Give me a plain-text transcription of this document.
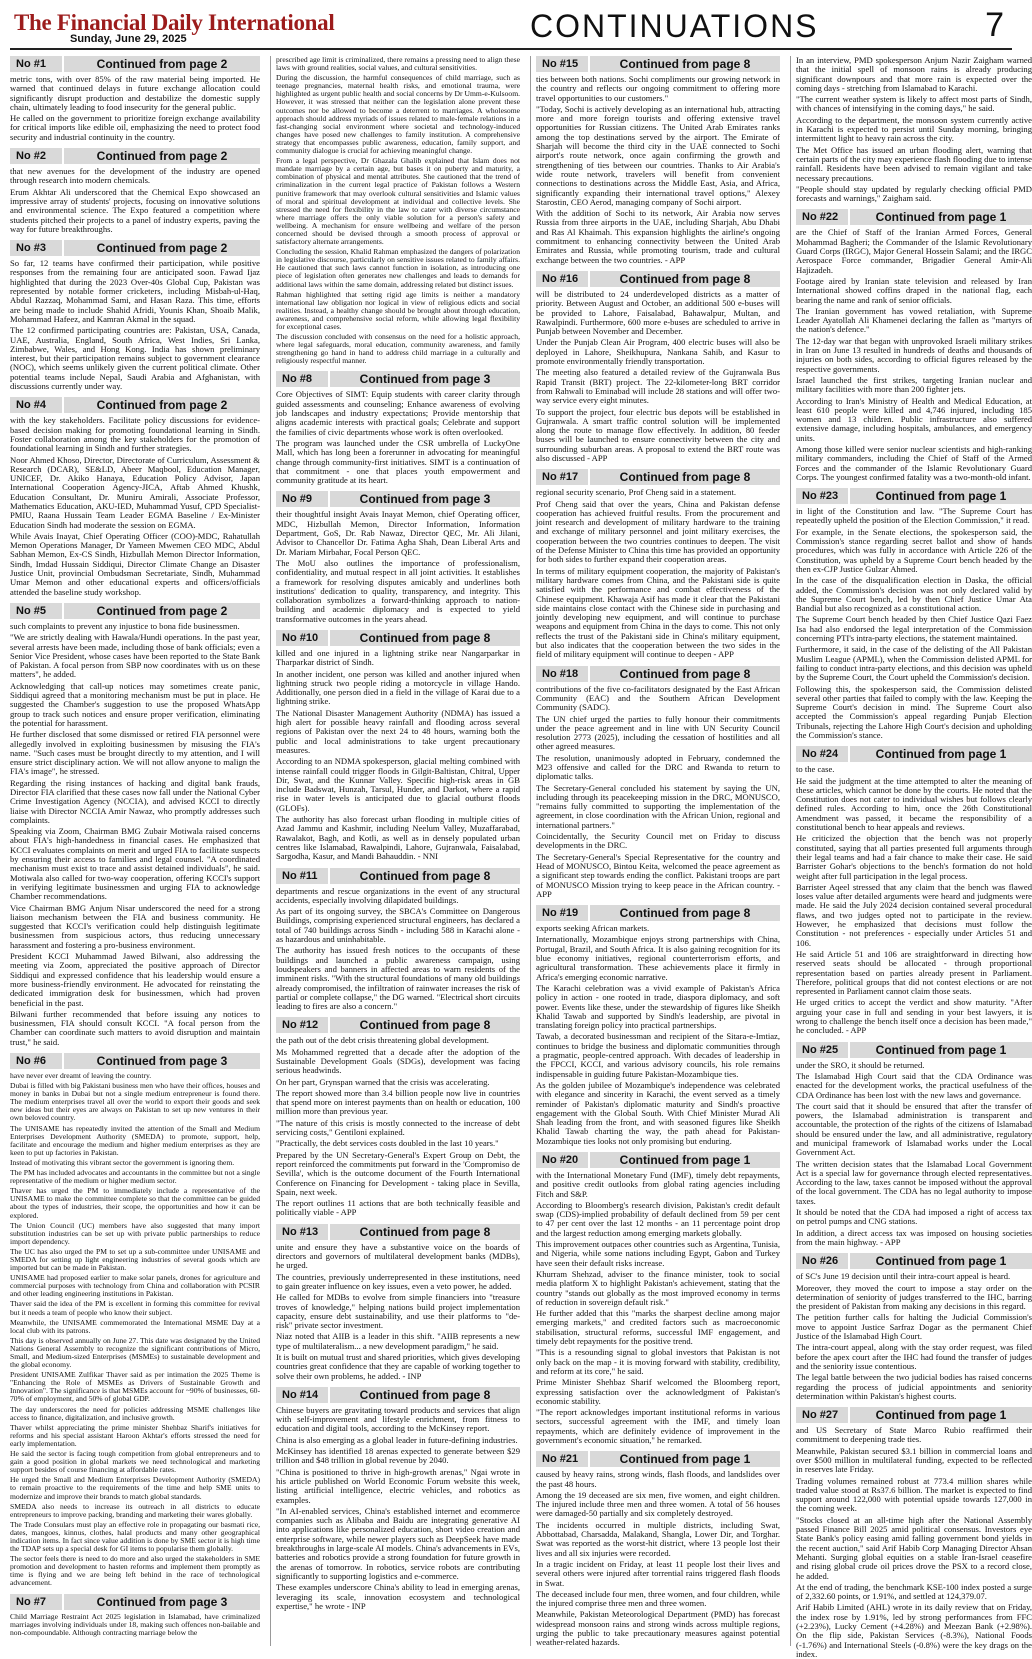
The Financial Daily International
Sunday, June 29, 2025	CONTINUATIONS	7
No #1	Continued from page 2

metric tons, with over 85% of the raw material being imported. He warned that continued delays in future exchange allocation could significantly disrupt production and destabilize the domestic supply chain, ultimately leading to food insecurity for the general public.

He called on the government to prioritize foreign exchange availability for critical imports like edible oil, emphasizing the need to protect food security and industrial continuity in the country.

No #2	Continued from page 2

that new avenues for the development of the industry are opened through research into modern chemicals.

Erum Akhtar Ali underscored that the Chemical Expo showcased an impressive array of students' projects, focusing on innovative solutions and environmental science. The Expo featured a competition where students pitched their projects to a panel of industry experts, paving the way for future breakthroughs.

No #3	Continued from page 2

So far, 12 teams have confirmed their participation, while positive responses from the remaining four are anticipated soon. Fawad Ijaz highlighted that during the 2023 Over-40s Global Cup, Pakistan was represented by notable former cricketers, including Misbah-ul-Haq, Abdul Razzaq, Mohammad Sami, and Hasan Raza. This time, efforts are being made to include Shahid Afridi, Younis Khan, Shoaib Malik, Mohammad Hafeez, and Kamran Akmal in the squad.

The 12 confirmed participating countries are: Pakistan, USA, Canada, UAE, Australia, England, South Africa, West Indies, Sri Lanka, Zimbabwe, Wales, and Hong Kong. India has shown preliminary interest, but their participation remains subject to government clearance (NOC), which seems unlikely given the current political climate. Other potential teams include Nepal, Saudi Arabia and Afghanistan, with discussions currently under way.

No #4	Continued from page 2

with the key stakeholders. Facilitate policy discussions for evidence-based decision making for promoting foundational learning in Sindh. Foster collaboration among the key stakeholders for the promotion of foundational learning in Sindh and further strategies.

Noor Ahmed Khoso, Director, Directorate of Curriculum, Assessment & Research (DCAR), SE&LD, Abeer Maqbool, Education Manager, UNICEF, Dr. Akiko Hanaya, Education Policy Advisor, Japan International Cooperation Agency-JICA, Aftab Ahmed Khushk, Education Consultant, Dr. Muniru Amirali, Associate Professor, Mathematics Education, AKU-IED, Muhammad Yusuf, CPD Specialist-PMIU, Raana Hussain Team Leader EGMA Baseline / Ex-Minister Education Sindh had moderate the session on EGMA.

While Avais Inayat, Chief Operating Officer (COO)-MDC, Rahatullah Memon Operations Manager, Dr Yameen Mwemen CEO MDC, Abdul Sabhan Memon, Ex-CS Sindh, Hizbullah Memon Director Information, Sindh, Imdad Hussain Siddiqui, Director Climate Change an Disaster Justice Unit, provincial Ombudsman Secretariate, Sindh, Muhammad Umar Memon and other educational experts and officers/officials attended the baseline study workshop.

No #5	Continued from page 2

such complaints to prevent any injustice to bona fide businessmen.

"We are strictly dealing with Hawala/Hundi operations. In the past year, several arrests have been made, including those of bank officials; even a Senior Vice President, whose cases have been reported to the State Bank of Pakistan. A focal person from SBP now coordinates with us on these matters", he added.

Acknowledging that call-up notices may sometimes create panic, Siddiqui agreed that a monitoring mechanism must be put in place. He suggested the Chamber's suggestion to use the proposed WhatsApp group to track such notices and ensure proper verification, eliminating the potential for harassment.

He further disclosed that some dismissed or retired FIA personnel were allegedly involved in exploiting businessmen by misusing the FIA's name. "Such cases must be brought directly to my attention, and I will ensure strict disciplinary action. We will not allow anyone to malign the FIA's image", he stressed.

Regarding the rising instances of hacking and digital bank frauds, Director FIA clarified that these cases now fall under the National Cyber Crime Investigation Agency (NCCIA), and advised KCCI to directly liaise with Director NCCIA Amir Nawaz, who promptly addresses such complaints.

Speaking via Zoom, Chairman BMG Zubair Motiwala raised concerns about FIA's high-handedness in financial cases. He emphasized that KCCI evaluates complaints on merit and urged FIA to facilitate suspects by ensuring their access to families and legal counsel. "A coordinated mechanism must exist to trace and assist detained individuals", he said. Motiwala also called for two-way cooperation, offering KCCI's support in verifying legitimate businessmen and urging FIA to acknowledge Chamber recommendations.

Vice Chairman BMG Anjum Nisar underscored the need for a strong liaison mechanism between the FIA and business community. He suggested that KCCI's verification could help distinguish legitimate businessmen from suspicious actors, thus reducing unnecessary harassment and fostering a pro-business environment.

President KCCI Muhammad Jawed Bilwani, also addressing the meeting via Zoom, appreciated the positive approach of Director Siddiqui and expressed confidence that his leadership would ensure a more business-friendly environment. He advocated for reinstating the dedicated immigration desk for businessmen, which had proven beneficial in the past.

Bilwani further recommended that before issuing any notices to businessmen, FIA should consult KCCI. "A focal person from the Chamber can coordinate such matters to avoid disruption and maintain trust," he said.

No #6	Continued from page 3

have never ever dreamt of leaving the country.

Dubai is filled with big Pakistani business men who have their offices, houses and money in banks in Dubai but not a single medium entrepreneur is found there. The medium enterprises travel all over the world to export their goods and seek new ideas but their eyes are always on Pakistan to set up new ventures in their own beloved country.

The UNISAME has repeatedly invited the attention of the Small and Medium Enterprises Development Authority (SMEDA) to promote, support, help, facilitate and encourage the medium and higher medium enterprises as they are keen to put up factories in Pakistan.

Instead of motivating this vibrant sector the government is ignoring them.

The PM has included advocates and accountants in the committee but not a single representative of the medium or higher medium sector.

Thaver has urged the PM to immediately include a representative of the UNISAME to make the committee complete so that the committee can be guided about the types of industries, their scope, the opportunities and how it can be explored.

The Union Council (UC) members have also suggested that many import substitution industries can be set up with private public partnerships to reduce import dependency.

The UC has also urged the PM to set up a sub-committee under UNISAME and SMEDA for setting up light engineering industries of several goods which are imported but can be made in Pakistan.

UNISAME had proposed earlier to make solar panels, drones for agriculture and commercial purposes with technology from China and collaboration with PCSIR and other leading engineering institutions in Pakistan.

Thaver said the idea of the PM is excellent in forming this committee for revival but it needs a team of people who know their subject.

Meanwhile, the UNISAME commemorated the International MSME Day at a local club with its patrons.

This day is observed annually on June 27. This date was designated by the United Nations General Assembly to recognize the significant contributions of Micro, Small, and Medium-sized Enterprises (MSMEs) to sustainable development and the global economy.

President UNISAME Zulfikar Thaver said as per intimation the 2025 Theme is "Enhancing the Role of MSMEs as Drivers of Sustainable Growth and Innovation". The significance is that MSMEs account for ~90% of businesses, 60-70% of employment, and 50% of global GDP.

The day underscores the need for policies addressing MSME challenges like access to finance, digitalization, and inclusive growth.

Thaver whilst appreciating the prime minister Shehbaz Sharif's initiatives for reforms and his special assistant Haroon Akhtar's efforts stressed the need for early implementation.

He said the sector is facing tough competition from global entrepreneurs and to gain a good position in global markets we need technological and marketing support besides of course financing at affordable rates.

He urged the Small and Medium Enterprises Development Authority (SMEDA) to remain proactive to the requirements of the time and help SME units to modernize and improve their brands to match global standards.

SMEDA also needs to increase its outreach in all districts to educate entrepreneurs to improve packing, branding and marketing their wares globally.

The Trade Consulars must play an effective role in propagating our basmati rice, dates, mangoes, kinnus, clothes, halal products and many other geographical indication items. In fact since value addition is done by SME sector it is high time the TDAP sets up a special desk for GI items to popularise them globally.

The sector feels there is need to do more and also urged the stakeholders in SME promotion and development to hasten reforms and implement them promptly as time is flying and we are being left behind in the race of technological advancement.

No #7	Continued from page 3

Child Marriage Restraint Act 2025 legislation in Islamabad, have criminalized marriages involving individuals under 18, making such offences non-bailable and non-compoundable. Although contracting marriage below the

prescribed age limit is criminalized, there remains a pressing need to align these laws with ground realities, social values, and cultural sensitivities.

During the discussion, the harmful consequences of child marriage, such as teenage pregnancies, maternal health risks, and emotional trauma, were highlighted as urgent public health and social concerns by Dr Umm-e-Kulsoom. However, it was stressed that neither can the legislation alone prevent these outcomes nor be allowed to become a deterrent to marriages. A wholesome approach should address myriads of issues related to male-female relations in a fast-changing social environment where societal and technology-induced changes have posed new challenges to family institution. A comprehensive strategy that encompasses public awareness, education, family support, and community dialogue is crucial for achieving meaningful change.

From a legal perspective, Dr Ghazala Ghalib explained that Islam does not mandate marriage by a certain age, but bases it on puberty and maturity, a combination of physical and mental attributes. She cautioned that the trend of criminalization in the current legal practice of Pakistan follows a Western punitive framework that may overlook cultural sensitivities and Islamic values of moral and spiritual development at individual and collective levels. She stressed the need for flexibility in the law to cater with diverse circumstance where marriage offers the only viable solution for a person's safety and wellbeing. A mechanism for ensure wellbeing and welfare of the person concerned should be devised through a smooth process of approval or satisfactory alternate arrangements.

Concluding the session, Khalid Rahman emphasized the dangers of polarization in legislative discourse, particularly on sensitive issues related to family affairs. He cautioned that such laws cannot function in isolation, as introducing one piece of legislation often generates new challenges and leads to demands for additional laws within the same domain, addressing related but distinct issues.

Rahman highlighted that setting rigid age limits is neither a mandatory international law obligation nor logical in view of religious edicts and social realities. Instead, a healthy change should be brought about through education, awareness, and comprehensive social reform, while allowing legal flexibility for exceptional cases.

The discussion concluded with consensus on the need for a holistic approach, where legal safeguards, moral education, community awareness, and family strengthening go hand in hand to address child marriage in a culturally and religiously respectful manner.

No #8	Continued from page 3

Core Objectives of SIMT: Equip students with career clarity through guided assessments and counseling; Enhance awareness of evolving job landscapes and industry expectations; Provide mentorship that aligns academic interests with practical goals; Celebrate and support the families of civic departments whose work is often overlooked.

The program was launched under the CSR umbrella of LuckyOne Mall, which has long been a forerunner in advocating for meaningful change through community-first initiatives. SIMT is a continuation of that commitment - one that places youth empowerment and community gratitude at its heart.

No #9	Continued from page 3

their thoughtful insight Avais Inayat Memon, chief Operating officer, MDC, Hizbullah Memon, Director Information, Information Department, GoS, Dr. Rab Nawaz, Director QEC, Mr. Ali Jilani, Advisor to Chancellor Dr. Fatima Agha Shah, Dean Liberal Arts and Dr. Mariam Mirbahar, Focal Person QEC.

The MoU also outlines the importance of professionalism, confidentiality, and mutual respect in all joint activities. It establishes a framework for resolving disputes amicably and underlines both institutions' dedication to quality, transparency, and integrity. This collaboration symbolizes a forward-thinking approach to nation-building and academic diplomacy and is expected to yield transformative outcomes in the years ahead.

No #10	Continued from page 8

killed and one injured in a lightning strike near Nangarparkar in Tharparkar district of Sindh.

In another incident, one person was killed and another injured when lightning struck two people riding a motorcycle in village Hando. Additionally, one person died in a field in the village of Karai due to a lightning strike.

The National Disaster Management Authority (NDMA) has issued a high alert for possible heavy rainfall and flooding across several regions of Pakistan over the next 24 to 48 hours, warning both the public and local administrations to take urgent precautionary measures.

According to an NDMA spokesperson, glacial melting combined with intense rainfall could trigger floods in Gilgit-Baltistan, Chitral, Upper Dir, Swat, and the Kunnar Valley. Specific high-risk areas in GB include Badswat, Hunzah, Tarsul, Hunder, and Darkot, where a rapid rise in water levels is anticipated due to glacial outburst floods (GLOFs).

The authority has also forecast urban flooding in multiple cities of Azad Jammu and Kashmir, including Neelum Valley, Muzaffarabad, Rawalakot, Bagh, and Kotli, as well as in densely populated urban centres like Islamabad, Rawalpindi, Lahore, Gujranwala, Faisalabad, Sargodha, Kasur, and Mandi Bahauddin. - NNI

No #11	Continued from page 8

departments and rescue organizations in the event of any structural accidents, especially involving dilapidated buildings.

As part of its ongoing survey, the SBCA's Committee on Dangerous Buildings, comprising experienced structural engineers, has declared a total of 740 buildings across Sindh - including 588 in Karachi alone - as hazardous and uninhabitable.

The authority has issued fresh notices to the occupants of these buildings and launched a public awareness campaign, using loudspeakers and banners in affected areas to warn residents of the imminent risks. "With the structural foundations of many old buildings already compromised, the infiltration of rainwater increases the risk of partial or complete collapse," the DG warned. "Electrical short circuits leading to fires are also a concern."

No #12	Continued from page 8

the path out of the debt crisis threatening global development.

Ms Mohammed regretted that a decade after the adoption of the Sustainable Development Goals (SDGs), development was facing serious headwinds.

On her part, Grynspan warned that the crisis was accelerating.

The report showed more than 3.4 billion people now live in countries that spend more on interest payments than on health or education, 100 million more than previous year.

"The nature of this crisis is mostly connected to the increase of debt servicing costs," Gentiloni explained.

"Practically, the debt services costs doubled in the last 10 years."

Prepared by the UN Secretary-General's Expert Group on Debt, the report reinforced the commitments put forward in the 'Compromiso de Sevilla', which is the outcome document of the Fourth International Conference on Financing for Development - taking place in Sevilla, Spain, next week.

The report outlines 11 actions that are both technically feasible and politically viable - APP

No #13	Continued from page 8

unite and ensure they have a substantive voice on the boards of directors and governors of multilateral development banks (MDBs), he urged.

The countries, previously underrepresented in these institutions, need to gain greater influence on key issues, even a veto power, he added.

He called for MDBs to evolve from simple financiers into "treasure troves of knowledge," helping nations build project implementation capacity, ensure debt sustainability, and use their platforms to "de-risk" private sector investment.

Niaz noted that AIIB is a leader in this shift. "AIIB represents a new type of multilateralism... a new development paradigm," he said.

It is built on mutual trust and shared priorities, which gives developing countries great confidence that they are capable of working together to solve their own problems, he added. - INP

No #14	Continued from page 8

Chinese buyers are gravitating toward products and services that align with self-improvement and lifestyle enrichment, from fitness to education and digital tools, according to the McKinsey report.

China is also emerging as a global leader in future-defining industries.

McKinsey has identified 18 arenas expected to generate between $29 trillion and $48 trillion in global revenue by 2040.

"China is positioned to thrive in high-growth arenas," Ngai wrote in his article published on World Economic Forum website this week, listing artificial intelligence, electric vehicles, and robotics as examples.

"In AI-enabled services, China's established internet and ecommerce companies such as Alibaba and Baidu are integrating generative AI into applications like personalized education, short video creation and enterprise software, while newer players such as DeepSeek have made breakthroughs in large-scale AI models. China's advancements in EVs, batteries and robotics provide a strong foundation for future growth in the arenas of tomorrow. In robotics, service robots are contributing significantly to supporting logistics and e-commerce.

These examples underscore China's ability to lead in emerging arenas, leveraging its scale, innovation ecosystem and technological expertise," he wrote - INP

No #15	Continued from page 8

ties between both nations. Sochi compliments our growing network in the country and reflects our ongoing commitment to offering more travel opportunities to our customers."

"Today, Sochi is actively developing as an international hub, attracting more and more foreign tourists and offering extensive travel opportunities for Russian citizens. The United Arab Emirates ranks among the top destinations served by the airport. The Emirate of Sharjah will become the third city in the UAE connected to Sochi airport's route network, once again confirming the growth and strengthening of ties between our countries. Thanks to Air Arabia's wide route network, travelers will benefit from convenient connections to destinations across the Middle East, Asia, and Africa, significantly expanding their international travel options," Alexey Starostin, CEO Aerod, managing company of Sochi airport.

With the addition of Sochi to its network, Air Arabia now serves Russia from three airports in the UAE, including Sharjah, Abu Dhabi and Ras Al Khaimah. This expansion highlights the airline's ongoing commitment to enhancing connectivity between the United Arab Emirates and Russia, while promoting tourism, trade and cultural exchange between the two countries. - APP

No #16	Continued from page 8

will be distributed to 24 underdeveloped districts as a matter of priority. Between August and October, an additional 500 e-buses will be provided to Lahore, Faisalabad, Bahawalpur, Multan, and Rawalpindi. Furthermore, 600 more e-buses are scheduled to arrive in Punjab between November and December.

Under the Punjab Clean Air Program, 400 electric buses will also be deployed in Lahore, Sheikhupura, Nankana Sahib, and Kasur to promote environmentally friendly transportation.

The meeting also featured a detailed review of the Gujranwala Bus Rapid Transit (BRT) project. The 22-kilometer-long BRT corridor from Rahwali to Eminabad will include 28 stations and will offer two-way service every eight minutes.

To support the project, four electric bus depots will be established in Gujranwala. A smart traffic control solution will be implemented along the route to manage flow effectively. In addition, 80 feeder buses will be launched to ensure connectivity between the city and surrounding suburban areas. A proposal to extend the BRT route was also discussed - APP

No #17	Continued from page 8

regional security scenario, Prof Cheng said in a statement.

Prof Cheng said that over the years, China and Pakistan defense cooperation has achieved fruitful results. From the procurement and joint research and development of military hardware to the training and exchange of military personnel and joint military exercises, the cooperation between the two countries continues to deepen. The visit of the Defense Minister to China this time has provided an opportunity for both sides to further expand their cooperation areas.

In terms of military equipment cooperation, the majority of Pakistan's military hardware comes from China, and the Pakistani side is quite satisfied with the performance and combat effectiveness of the Chinese equipment. Khawaja Asif has made it clear that the Pakistani side maintains close contact with the Chinese side in purchasing and jointly developing new equipment, and will continue to purchase weapons and equipment from China in the days to come. This not only reflects the trust of the Pakistani side in China's military equipment, but also indicates that the cooperation between the two sides in the field of military equipment will continue to deepen - APP

No #18	Continued from page 8

contributions of the five co-facilitators designated by the East African Community (EAC) and the Southern African Development Community (SADC).

The UN chief urged the parties to fully honour their commitments under the peace agreement and in line with UN Security Council resolution 2773 (2025), including the cessation of hostilities and all other agreed measures.

The resolution, unanimously adopted in February, condemned the M23 offensive and called for the DRC and Rwanda to return to diplomatic talks.

The Secretary-General concluded his statement by saying the UN, including through its peacekeeping mission in the DRC, MONUSCO, "remains fully committed to supporting the implementation of the agreement, in close coordination with the African Union, regional and international partners."

Coincidentally, the Security Council met on Friday to discuss developments in the DRC.

The Secretary-General's Special Representative for the country and Head of MONUSCO, Bintou Keita, welcomed the peace agreement as a significant step towards ending the conflict. Pakistani troops are part of MONUSCO Mission trying to keep peace in the African country. - APP

No #19	Continued from page 8

exports seeking African markets.

Internationally, Mozambique enjoys strong partnerships with China, Portugal, Brazil, and South Africa. It is also gaining recognition for its blue economy initiatives, regional counterterrorism efforts, and agricultural transformation. These achievements place it firmly in Africa's emerging economic narrative.

The Karachi celebration was a vivid example of Pakistan's Africa policy in action - one rooted in trade, diaspora diplomacy, and soft power. Events like these, under the stewardship of figures like Sheikh Khalid Tawab and supported by Sindh's leadership, are pivotal in translating foreign policy into practical partnerships.

Tawab, a decorated businessman and recipient of the Sitara-e-Imtiaz, continues to bridge the business and diplomatic communities through a pragmatic, people-centred approach. With decades of leadership in the FPCCI, KCCI, and various advisory councils, his role remains indispensable in guiding future Pakistan-Mozambique ties.

As the golden jubilee of Mozambique's independence was celebrated with elegance and sincerity in Karachi, the event served as a timely reminder of Pakistan's diplomatic maturity and Sindh's proactive engagement with the Global South. With Chief Minister Murad Ali Shah leading from the front, and with seasoned figures like Sheikh Khalid Tawab charting the way, the path ahead for Pakistan-Mozambique ties looks not only promising but enduring.

No #20	Continued from page 1

with the International Monetary Fund (IMF), timely debt repayments, and positive credit outlooks from global rating agencies including Fitch and S&P.

According to Bloomberg's research division, Pakistan's credit default swap (CDS)-implied probability of default declined from 59 per cent to 47 per cent over the last 12 months - an 11 percentage point drop and the largest reduction among emerging markets globally.

This improvement outpaces other countries such as Argentina, Tunisia, and Nigeria, while some nations including Egypt, Gabon and Turkey have seen their default risks increase.

Khurram Shehzad, adviser to the finance minister, took to social media platform X to highlight Pakistan's achievement, stating that the country "stands out globally as the most improved economy in terms of reduction in sovereign default risk."

He further added that this "marks the sharpest decline among major emerging markets," and credited factors such as macroeconomic stabilisation, structural reforms, successful IMF engagement, and timely debt repayments for the positive trend.

"This is a resounding signal to global investors that Pakistan is not only back on the map - it is moving forward with stability, credibility, and reform at its core," he said.

Prime Minister Shehbaz Sharif welcomed the Bloomberg report, expressing satisfaction over the acknowledgment of Pakistan's economic stability.

"The report acknowledges important institutional reforms in various sectors, successful agreement with the IMF, and timely loan repayments, which are definitely evidence of improvement in the government's economic situation," he remarked.

No #21	Continued from page 1

caused by heavy rains, strong winds, flash floods, and landslides over the past 48 hours.

Among the 19 deceased are six men, five women, and eight children. The injured include three men and three women. A total of 56 houses were damaged-50 partially and six completely destroyed.

The incidents occurred in multiple districts, including Swat, Abbottabad, Charsadda, Malakand, Shangla, Lower Dir, and Torghar. Swat was reported as the worst-hit district, where 13 people lost their lives and all six injuries were recorded.

In a tragic incident on Friday, at least 11 people lost their lives and several others were injured after torrential rains triggered flash floods in Swat.

The deceased include four men, three women, and four children, while the injured comprise three men and three women.

Meanwhile, Pakistan Meteorological Department (PMD) has forecast widespread monsoon rains and strong winds across multiple regions, urging the public to take precautionary measures against potential weather-related hazards.

In an interview, PMD spokesperson Anjum Nazir Zaigham warned that the initial spell of monsoon rains is already producing significant downpours and that more rain is expected over the coming days - stretching from Islamabad to Karachi.

"The current weather system is likely to affect most parts of Sindh, with chances of intensifying in the coming days," he said.

According to the department, the monsoon system currently active in Karachi is expected to persist until Sunday morning, bringing intermittent light to heavy rain across the city.

The Met Office has issued an urban flooding alert, warning that certain parts of the city may experience flash flooding due to intense rainfall. Residents have been advised to remain vigilant and take necessary precautions.

"People should stay updated by regularly checking official PMD forecasts and warnings," Zaigham said.

No #22	Continued from page 1

are the Chief of Staff of the Iranian Armed Forces, General Mohammad Bagheri; the Commander of the Islamic Revolutionary Guard Corps (IRGC), Major General Hossein Salami; and the IRGC Aerospace Force commander, Brigadier General Amir-Ali Hajizadeh.

Footage aired by Iranian state television and released by Iran International showed coffins draped in the national flag, each bearing the name and rank of senior officials.

The Iranian government has vowed retaliation, with Supreme Leader Ayatollah Ali Khamenei declaring the fallen as "martyrs of the nation's defence."

The 12-day war that began with unprovoked Israeli military strikes in Iran on June 13 resulted in hundreds of deaths and thousands of injuries on both sides, according to official figures released by the respective governments.

Israel launched the first strikes, targeting Iranian nuclear and military facilities with more than 200 fighter jets.

According to Iran's Ministry of Health and Medical Education, at least 610 people were killed and 4,746 injured, including 185 women and 13 children. Public infrastructure also suffered extensive damage, including hospitals, ambulances, and emergency units.

Among those killed were senior nuclear scientists and high-ranking military commanders, including the Chief of Staff of the Armed Forces and the commander of the Islamic Revolutionary Guard Corps. The youngest confirmed fatality was a two-month-old infant.

No #23	Continued from page 1

in light of the Constitution and law. "The Supreme Court has repeatedly upheld the position of the Election Commission," it read.

For example, in the Senate elections, the spokesperson said, the Commission's stance regarding secret ballot and show of hands procedures, which was fully in accordance with Article 226 of the Constitution, was upheld by a Supreme Court bench headed by the then ex-CJP Justice Gulzar Ahmed.

In the case of the disqualification election in Daska, the official added, the Commission's decision was not only declared valid by the Supreme Court bench, led by then Chief Justice Umar Ata Bandial but also recognized as a constitutional action.

The Supreme Court bench headed by then Chief Justice Qazi Faez Isa had also endorsed the legal interpretation of the Commission concerning PTI's intra-party elections, the statement maintained.

Furthermore, it said, in the case of the delisting of the All Pakistan Muslim League (APML), when the Commission delisted APML for failing to conduct intra-party elections, and this decision was upheld by the Supreme Court, the Court upheld the Commission's decision.

Following this, the spokesperson said, the Commission delisted several other parties that failed to comply with the law. Keeping the Supreme Court's decision in mind. The Supreme Court also accepted the Commission's appeal regarding Punjab Election Tribunals, rejecting the Lahore High Court's decision and upholding the Commission's stance.

No #24	Continued from page 1

to the case.

He said the judgment at the time attempted to alter the meaning of these articles, which cannot be done by the courts. He noted that the Constitution does not cater to individual wishes but follows clearly defined rules. According to him, once the 26th Constitutional Amendment was passed, it became the responsibility of a constitutional bench to hear appeals and reviews.

He criticized the objection that the bench was not properly constituted, saying that all parties presented full arguments through their legal teams and had a fair chance to make their case. He said Barrister Gohar's objections to the bench's formation do not hold weight after full participation in the legal process.

Barrister Aqeel stressed that any claim that the bench was flawed loses value after detailed arguments were heard and judgments were made. He said the July 2024 decision contained several procedural flaws, and two judges opted not to participate in the review. However, he emphasized that decisions must follow the Constitution - not preferences - especially under Articles 51 and 106.

He said Article 51 and 106 are straightforward in directing how reserved seats should be allocated - through proportional representation based on parties already present in Parliament. Therefore, political groups that did not contest elections or are not represented in Parliament cannot claim those seats.

He urged critics to accept the verdict and show maturity. "After arguing your case in full and sending in your best lawyers, it is wrong to challenge the bench itself once a decision has been made," he concluded. - APP

No #25	Continued from page 1

under the SRO, it should be returned.

The Islamabad High Court said that the CDA Ordinance was enacted for the development works, the practical usefulness of the CDA Ordinance has been lost with the new laws and governance.

The court said that it should be ensured that after the transfer of powers, the Islamabad administration is transparent and accountable, the protection of the rights of the citizens of Islamabad should be ensured under the law, and all administrative, regulatory and municipal framework of Islamabad works under the Local Government Act.

The written decision states that the Islamabad Local Government Act is a special law for governance through elected representatives. According to the law, taxes cannot be imposed without the approval of the local government. The CDA has no legal authority to impose taxes.

It should be noted that the CDA had imposed a right of access tax on petrol pumps and CNG stations.

In addition, a direct access tax was imposed on housing societies from the main highway. - APP

No #26	Continued from page 1

of SC's June 19 decision until their intra-court appeal is heard.

Moreover, they moved the court to impose a stay order on the determination of seniority of judges transferred to the IHC, barring the president of Pakistan from making any decisions in this regard.

The petition further calls for halting the Judicial Commission's move to appoint Justice Sarfraz Dogar as the permanent Chief Justice of the Islamabad High Court.

The intra-court appeal, along with the stay order request, was filed before the apex court after the IHC had found the transfer of judges and the seniority issue contentious.

The legal battle between the two judicial bodies has raised concerns regarding the process of judicial appointments and seniority determination within Pakistan's highest courts.

No #27	Continued from page 1

and US Secretary of State Marco Rubio reaffirmed their commitment to deepening trade ties.

Meanwhile, Pakistan secured $3.1 billion in commercial loans and over $500 million in multilateral funding, expected to be reflected in reserves late Friday.

Trading volumes remained robust at 773.4 million shares while traded value stood at Rs37.6 billion. The market is expected to find support around 122,000 with potential upside towards 127,000 in the coming week.

"Stocks closed at an all-time high after the National Assembly passed Finance Bill 2025 amid political consensus. Investors eye State Bank's policy easing amid falling government bond yields in the recent auction," said Arif Habib Corp Managing Director Ahsan Mehanti. Surging global equities on a stable Iran-Israel ceasefire and rising global crude oil prices drove the PSX to a record close, he added.

At the end of trading, the benchmark KSE-100 index posted a surge of 2,332.60 points, or 1.91%, and settled at 124,379.07.

Arif Habib Limited (AHL) wrote in its daily review that on Friday, the index rose by 1.91%, led by strong performances from FFC (+2.23%), Lucky Cement (+4.28%) and Meezan Bank (+2.98%). On the flip side, Pakistan Services (-8.3%), National Foods (-1.76%) and International Steels (-0.8%) were the key drags on the index.
